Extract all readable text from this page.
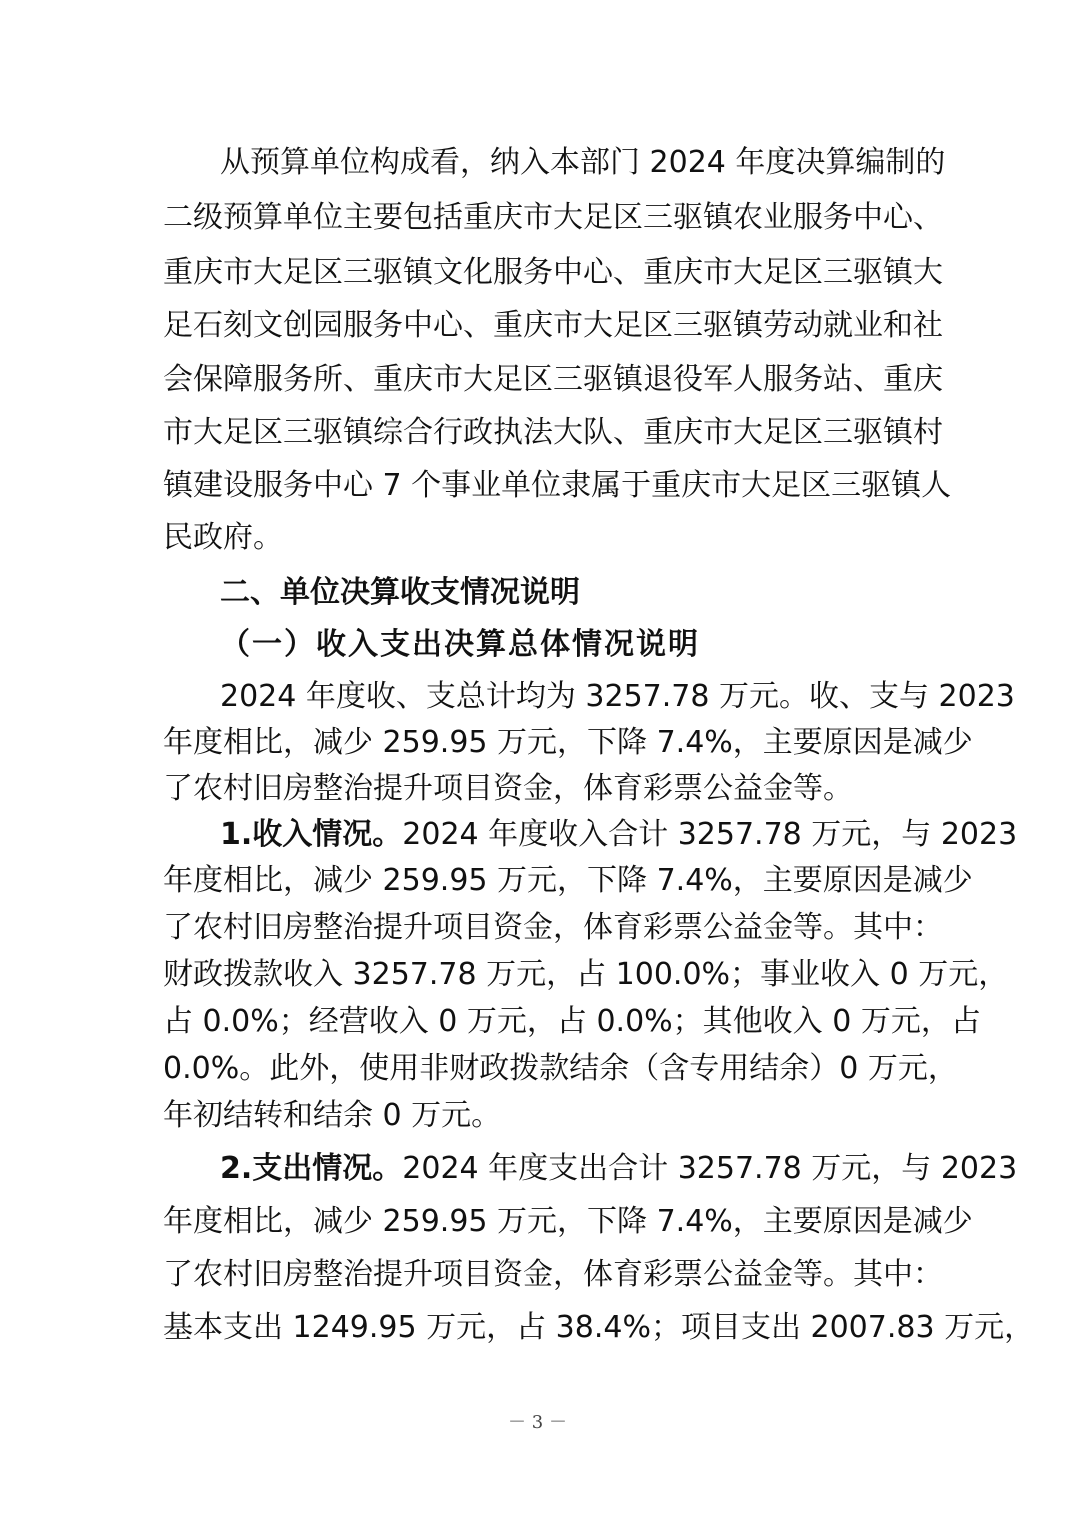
从预算单位构成看，纳入本部门 2024 年度决算编制的
二级预算单位主要包括重庆市大足区三驱镇农业服务中心、
重庆市大足区三驱镇文化服务中心、重庆市大足区三驱镇大
足石刻文创园服务中心、重庆市大足区三驱镇劳动就业和社
会保障服务所、重庆市大足区三驱镇退役军人服务站、重庆
市大足区三驱镇综合行政执法大队、重庆市大足区三驱镇村
镇建设服务中心 7 个事业单位隶属于重庆市大足区三驱镇人
民政府。
二、单位决算收支情况说明
（一）收入支出决算总体情况说明
2024 年度收、支总计均为 3257.78 万元。收、支与 2023
年度相比，减少 259.95 万元，下降 7.4%，主要原因是减少
了农村旧房整治提升项目资金，体育彩票公益金等。
1.收入情况。2024 年度收入合计 3257.78 万元，与 2023
年度相比，减少 259.95 万元，下降 7.4%，主要原因是减少
了农村旧房整治提升项目资金，体育彩票公益金等。其中：
财政拨款收入 3257.78 万元，占 100.0%；事业收入 0 万元，
占 0.0%；经营收入 0 万元，占 0.0%；其他收入 0 万元，占
0.0%。此外，使用非财政拨款结余（含专用结余）0 万元，
年初结转和结余 0 万元。
2.支出情况。2024 年度支出合计 3257.78 万元，与 2023
年度相比，减少 259.95 万元，下降 7.4%，主要原因是减少
了农村旧房整治提升项目资金，体育彩票公益金等。其中：
基本支出 1249.95 万元，占 38.4%；项目支出 2007.83 万元，
－ 3 －
